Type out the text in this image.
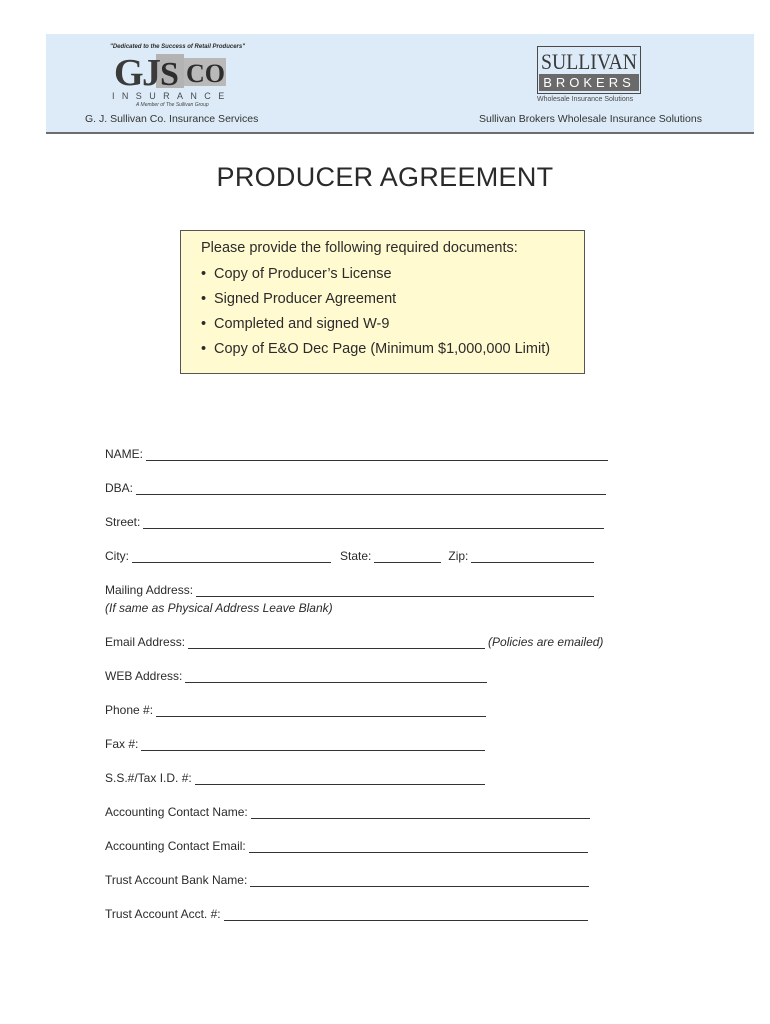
"Dedicated to the Success of Retail Producers"
G
J S CO
INSURANCE
A Member of The Sullivan Group
G. J. Sullivan Co. Insurance Services
SULLIVAN
BROKERS
Wholesale Insurance Solutions
Sullivan Brokers Wholesale Insurance Solutions
PRODUCER AGREEMENT
Please provide the following required documents:
• Copy of Producer’s License
• Signed Producer Agreement
• Completed and signed W-9
• Copy of E&O Dec Page (Minimum $1,000,000 Limit)
NAME:
DBA:
Street:
City:	State:	Zip:
Mailing Address:
(If same as Physical Address Leave Blank)
Email Address:	(Policies are emailed)
WEB Address:
Phone #:
Fax #:
S.S.#/Tax I.D. #:
Accounting Contact Name:
Accounting Contact Email:
Trust Account Bank Name:
Trust Account Acct. #:
